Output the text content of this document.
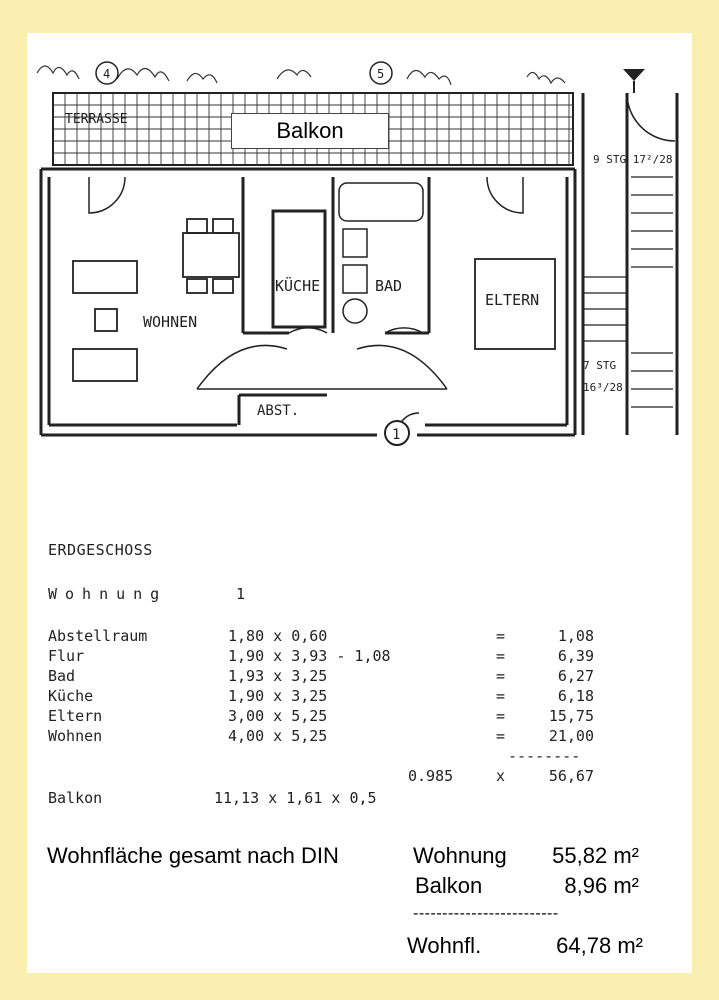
4	5
TERRASSE
WOHNEN
KÜCHE	BAD
ELTERN
ABST.
9 STG 17²/28
7 STG
16³/28
1
Balkon
ERDGESCHOSS
Wohnung	1
Abstellraum	1,80 x 0,60	=	1,08
Flur	1,90 x 3,93 - 1,08	=	6,39
Bad	1,93 x 3,25	=	6,27
Küche	1,90 x 3,25	=	6,18
Eltern	3,00 x 5,25	=	15,75
Wohnen	4,00 x 5,25	=	21,00
--------
0.985	x	56,67
Balkon	11,13 x 1,61 x 0,5
Wohnfläche gesamt nach DIN	Wohnung	55,82 m²
Balkon	8,96 m²
-------------------------
Wohnfl.	64,78 m²
